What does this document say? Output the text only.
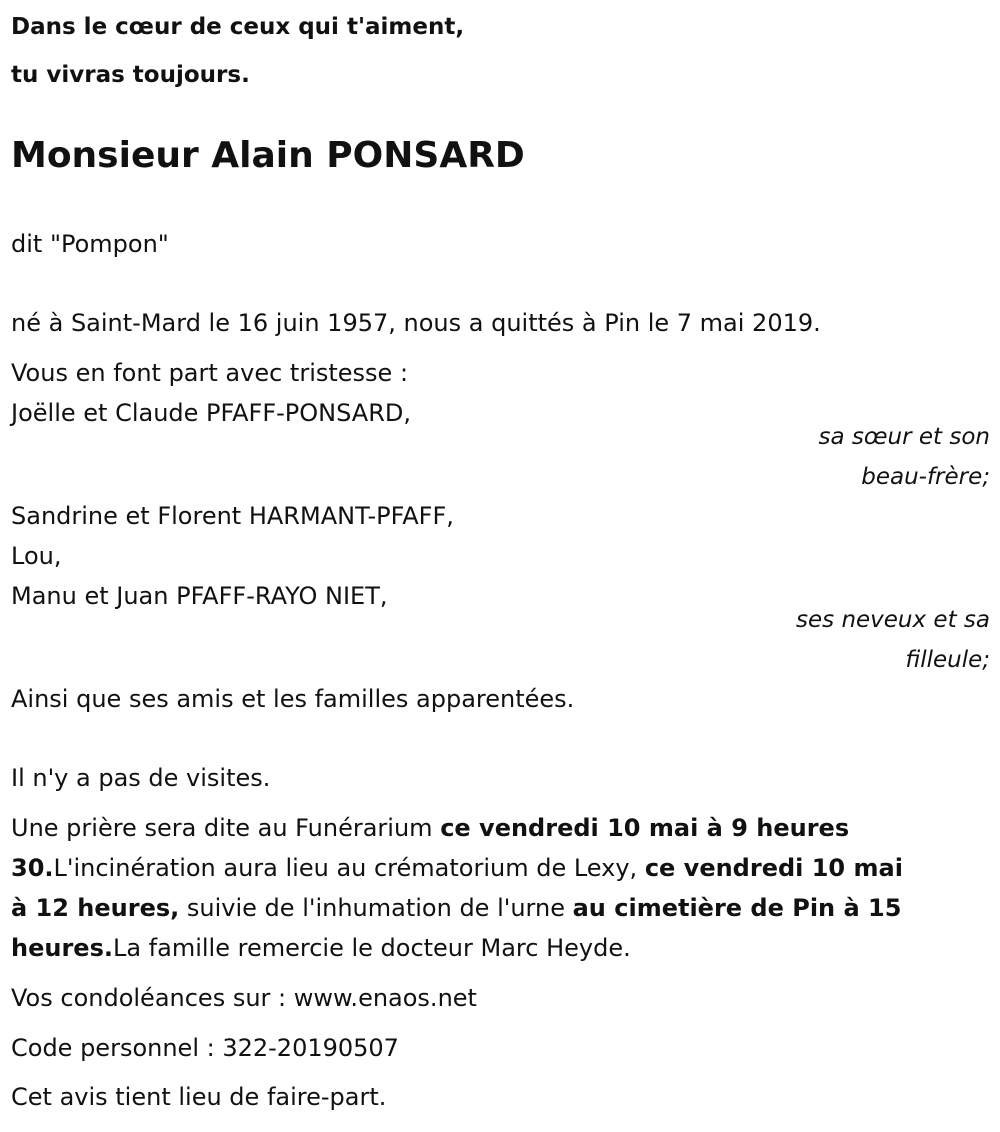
Dans le cœur de ceux qui t'aiment,
tu vivras toujours.
Monsieur Alain PONSARD
dit "Pompon"
né à Saint-Mard le 16 juin 1957, nous a quittés à Pin le 7 mai 2019.
Vous en font part avec tristesse :
Joëlle et Claude PFAFF-PONSARD,
sa sœur et son
beau-frère;
Sandrine et Florent HARMANT-PFAFF,
Lou,
Manu et Juan PFAFF-RAYO NIET,
ses neveux et sa
filleule;
Ainsi que ses amis et les familles apparentées.
Il n'y a pas de visites.
Une prière sera dite au Funérarium ce vendredi 10 mai à 9 heures
30.L'incinération aura lieu au crématorium de Lexy, ce vendredi 10 mai
à 12 heures, suivie de l'inhumation de l'urne au cimetière de Pin à 15
heures.La famille remercie le docteur Marc Heyde.
Vos condoléances sur : www.enaos.net
Code personnel : 322-20190507
Cet avis tient lieu de faire-part.
